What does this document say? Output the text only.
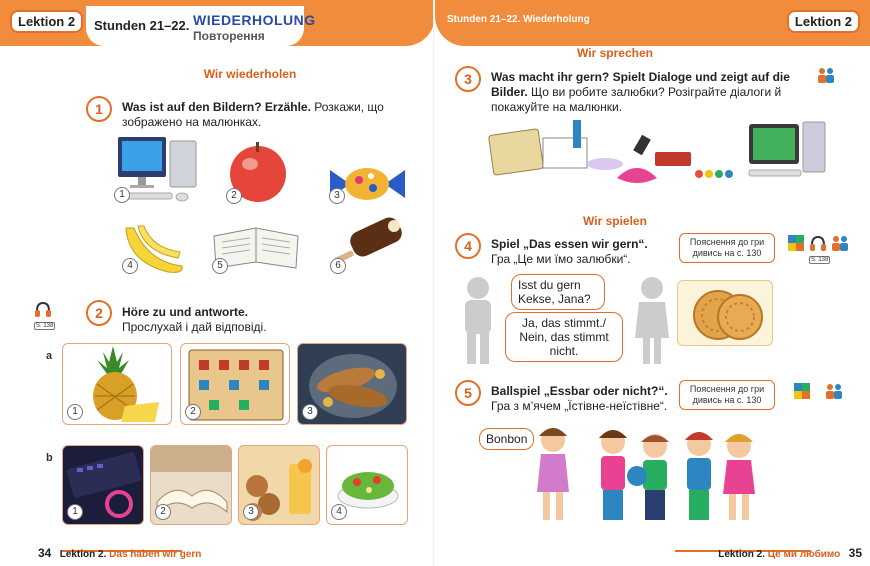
Lektion 2	Stunden 21–22. WIEDERHOLUNG
Повторення
Wir wiederholen
1	Was ist auf den Bildern? Erzähle. Розкажи, що зображено на малюнках.
1	2	3
4	5	6
S. 138
2	Höre zu und antworte.
Прослухай і дай відповіді.
a
1	2	3
b
1	2	3	4
34 Lektion 2. Das haben wir gern
Stunden 21–22. Wiederholung	Lektion 2
Wir sprechen
3	Was macht ihr gern? Spielt Dialoge und zeigt auf die Bilder. Що ви робите залюбки? Розіграйте діалоги й покажуйте на малюнки.
Wir spielen
4	Spiel „Das essen wir gern“.
Гра „Це ми їмо залюбки“.
Пояснення до гри дивись на с. 130
S. 138
Isst du gern Kekse, Jana?
Ja, das stimmt./ Nein, das stimmt nicht.
5	Ballspiel „Essbar oder nicht?“.
Гра з м’ячем „Їстівне-неїстівне“.
Пояснення до гри дивись на с. 130
Bonbon
Lektion 2. Це ми любимо 35
